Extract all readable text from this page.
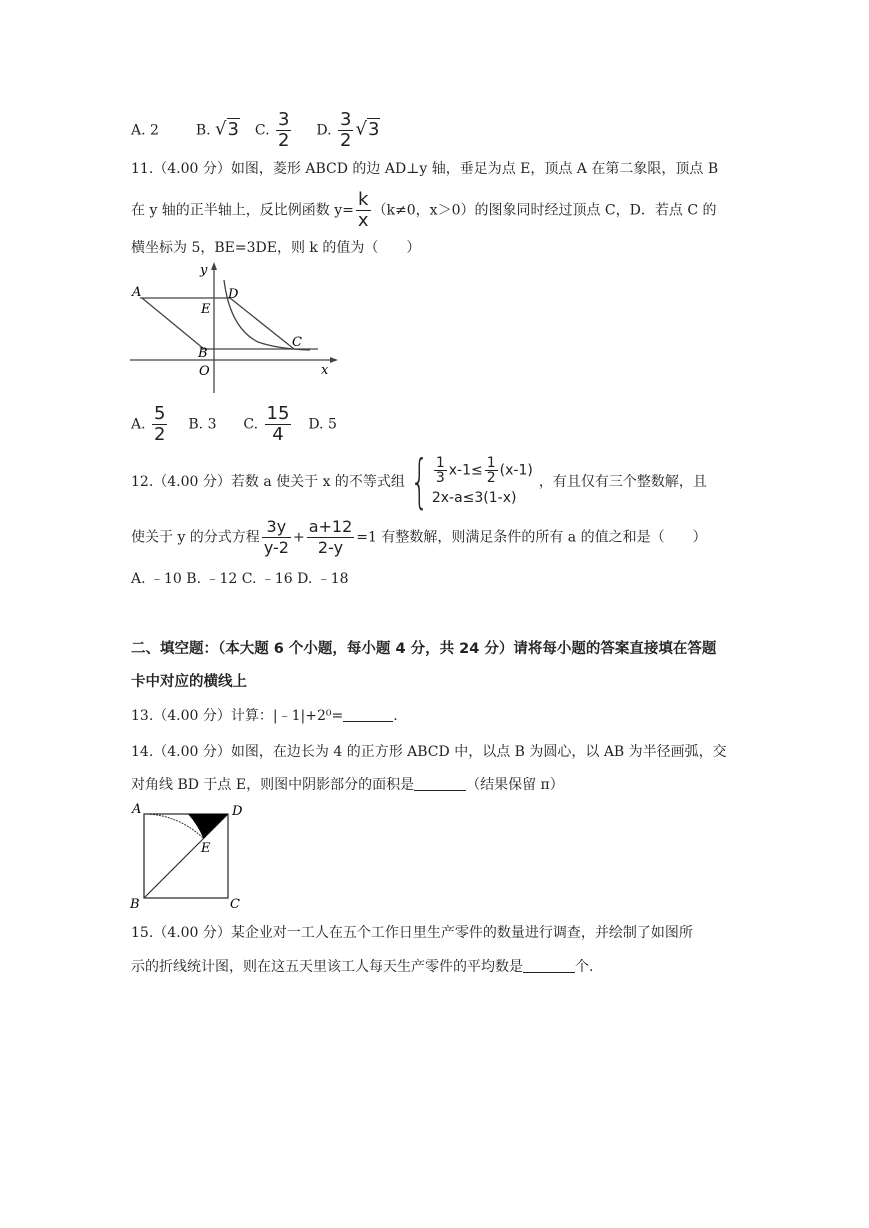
A. 2	B. √3 C. $\frac{3}{2} D$. $\frac{3}{2} √3$
11.（4.00 分）如图，菱形 ABCD 的边 AD⊥y 轴，垂足为点 E，顶点 A 在第二象限，顶点 B
在 y 轴的正半轴上，反比例函数 $y= \frac{k}{x} (k\ne 0$，x＞0）的图象同时经过顶点 C，D．若点 C 的
横坐标为 5，BE=3DE，则 k 的值为（　　）
y
x
A	D
E
C
B
O
A. $\frac{5}{2} B$. 3 C. $\frac{15}{4} D$. 5
12.（4.00 分）若数 a 使关于 x 的不等式组 { $\frac{1}{3} x-1\le \frac{1}{2} (x-1)$
2x-a≤3(1-x)
，有且仅有三个整数解，且
使关于 y 的分式方程 $\frac{3y}{y-2} + \frac{a+12}{2-y} =1$ 有整数解，则满足条件的所有 a 的值之和是（　　）
A. ﹣10 B. ﹣12 C. ﹣16 D. ﹣18
二、填空题：（本大题 6 个小题，每小题 4 分，共 24 分）请将每小题的答案直接填在答题
卡中对应的横线上
13.（4.00 分）计算：|﹣1|+2⁰=	.
14.（4.00 分）如图，在边长为 4 的正方形 ABCD 中，以点 B 为圆心，以 AB 为半径画弧，交
对角线 BD 于点 E，则图中阴影部分的面积是	（结果保留 π）
A	D
E
B	C
15.（4.00 分）某企业对一工人在五个工作日里生产零件的数量进行调查，并绘制了如图所
示的折线统计图，则在这五天里该工人每天生产零件的平均数是	个.
